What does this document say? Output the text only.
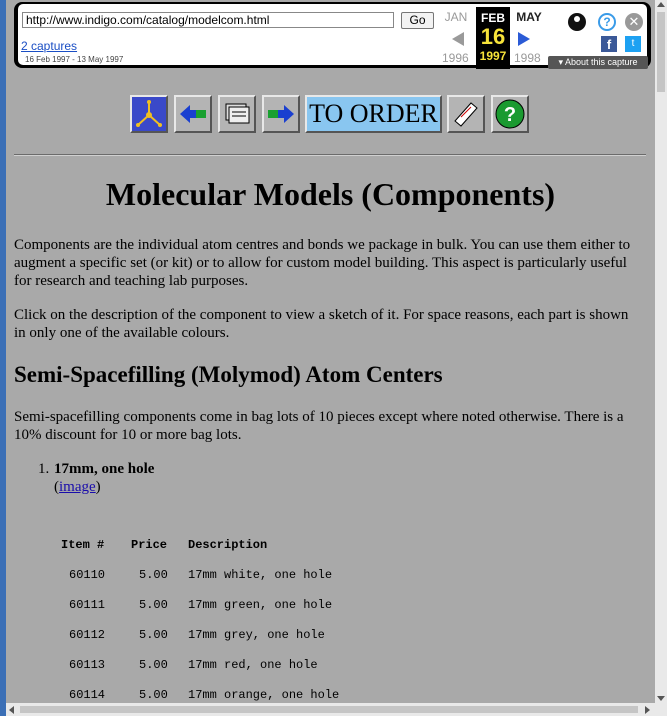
http://www.indigo.com/catalog/modelcom.html	Go
2 captures
16 Feb 1997 - 13 May 1997
JAN
1996
FEB
16
1997
MAY
1998
?	✕
f	t
▾ About this capture
TO ORDER	?
Molecular Models (Components)
Components are the individual atom centres and bonds we package in bulk. You can use them either to augment a specific set (or kit) or to allow for custom model building. This aspect is particularly useful for research and teaching lab purposes.
Click on the description of the component to view a sketch of it. For space reasons, each part is shown in only one of the available colours.
Semi-Spacefilling (Molymod) Atom Centers
Semi-spacefilling components come in bag lots of 10 pieces except where noted otherwise. There is a 10% discount for 10 or more bag lots.
1. 17mm, one hole
(image)
Item #	Price	Description
60110	5.00	17mm white, one hole
60111	5.00	17mm green, one hole
60112	5.00	17mm grey, one hole
60113	5.00	17mm red, one hole
60114	5.00	17mm orange, one hole
